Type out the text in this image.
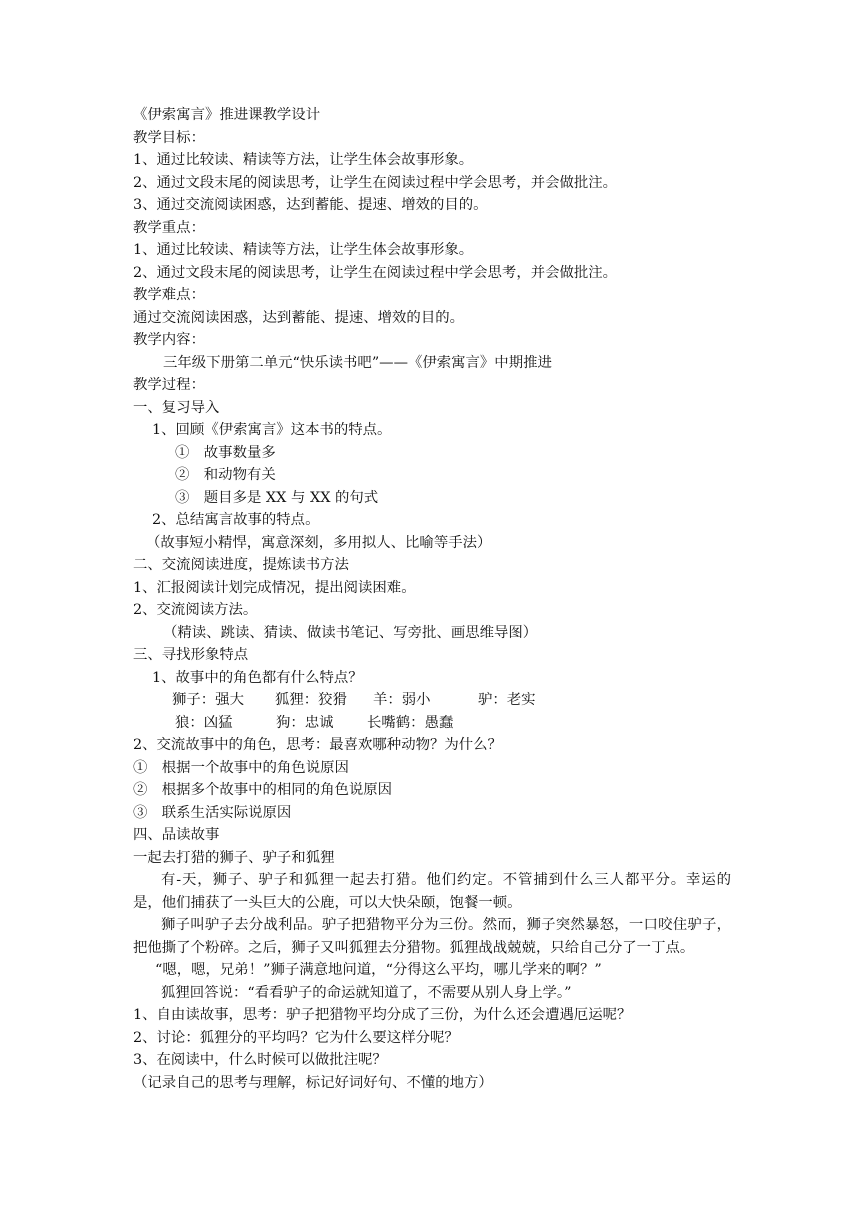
《伊索寓言》推进课教学设计
教学目标：
1、通过比较读、精读等方法，让学生体会故事形象。
2、通过文段末尾的阅读思考，让学生在阅读过程中学会思考，并会做批注。
3、通过交流阅读困惑，达到蓄能、提速、增效的目的。
教学重点：
1、通过比较读、精读等方法，让学生体会故事形象。
2、通过文段末尾的阅读思考，让学生在阅读过程中学会思考，并会做批注。
教学难点：
通过交流阅读困惑，达到蓄能、提速、增效的目的。
教学内容：
三年级下册第二单元“快乐读书吧”——《伊索寓言》中期推进
教学过程：
一、复习导入
1、回顾《伊索寓言》这本书的特点。
①　故事数量多
②　和动物有关
③　题目多是 XX 与 XX 的句式
2、总结寓言故事的特点。
（故事短小精悍，寓意深刻，多用拟人、比喻等手法）
二、交流阅读进度，提炼读书方法
1、汇报阅读计划完成情况，提出阅读困难。
2、交流阅读方法。
（精读、跳读、猜读、做读书笔记、写旁批、画思维导图）
三、寻找形象特点
1、故事中的角色都有什么特点？
狮子：强大 狐狸：狡猾 羊：弱小	驴：老实
狼：凶猛	狗：忠诚 长嘴鹤：愚蠢
2、交流故事中的角色，思考：最喜欢哪种动物？为什么？
①　根据一个故事中的角色说原因
②　根据多个故事中的相同的角色说原因
③　联系生活实际说原因
四、品读故事
一起去打猎的狮子、驴子和狐狸
有-天，狮子、驴子和狐狸一起去打猎。他们约定。不管捕到什么三人都平分。幸运的
是，他们捕获了一头巨大的公鹿，可以大快朵颐，饱餐一顿。
狮子叫驴子去分战利品。驴子把猎物平分为三份。然而，狮子突然暴怒，一口咬住驴子，
把他撕了个粉碎。之后，狮子又叫狐狸去分猎物。狐狸战战兢兢，只给自己分了一丁点。
“嗯，嗯，兄弟！”狮子满意地问道，“分得这么平均，哪儿学来的啊？”
狐狸回答说：“看看驴子的命运就知道了，不需要从别人身上学。”
1、自由读故事，思考：驴子把猎物平均分成了三份，为什么还会遭遇厄运呢？
2、讨论：狐狸分的平均吗？它为什么要这样分呢？
3、在阅读中，什么时候可以做批注呢？
（记录自己的思考与理解，标记好词好句、不懂的地方）
